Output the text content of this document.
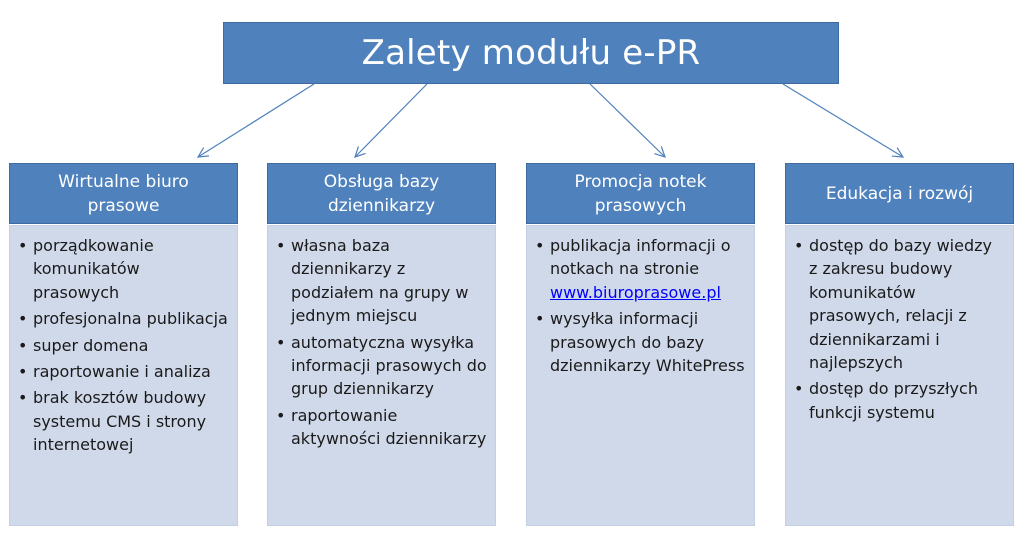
Zalety modułu e-PR
Wirtualne biuro prasowe
• porządkowanie komunikatów prasowych
• profesjonalna publikacja
• super domena
• raportowanie i analiza
• brak kosztów budowy systemu CMS i strony internetowej
Obsługa bazy dziennikarzy
• własna baza dziennikarzy z podziałem na grupy w jednym miejscu
• automatyczna wysyłka informacji prasowych do grup dziennikarzy
• raportowanie aktywności dziennikarzy
Promocja notek prasowych
• publikacja informacji o notkach na stronie www.biuroprasowe.pl
• wysyłka informacji prasowych do bazy dziennikarzy WhitePress
Edukacja i rozwój
• dostęp do bazy wiedzy z zakresu budowy komunikatów prasowych, relacji z dziennikarzami i najlepszych
• dostęp do przyszłych funkcji systemu
